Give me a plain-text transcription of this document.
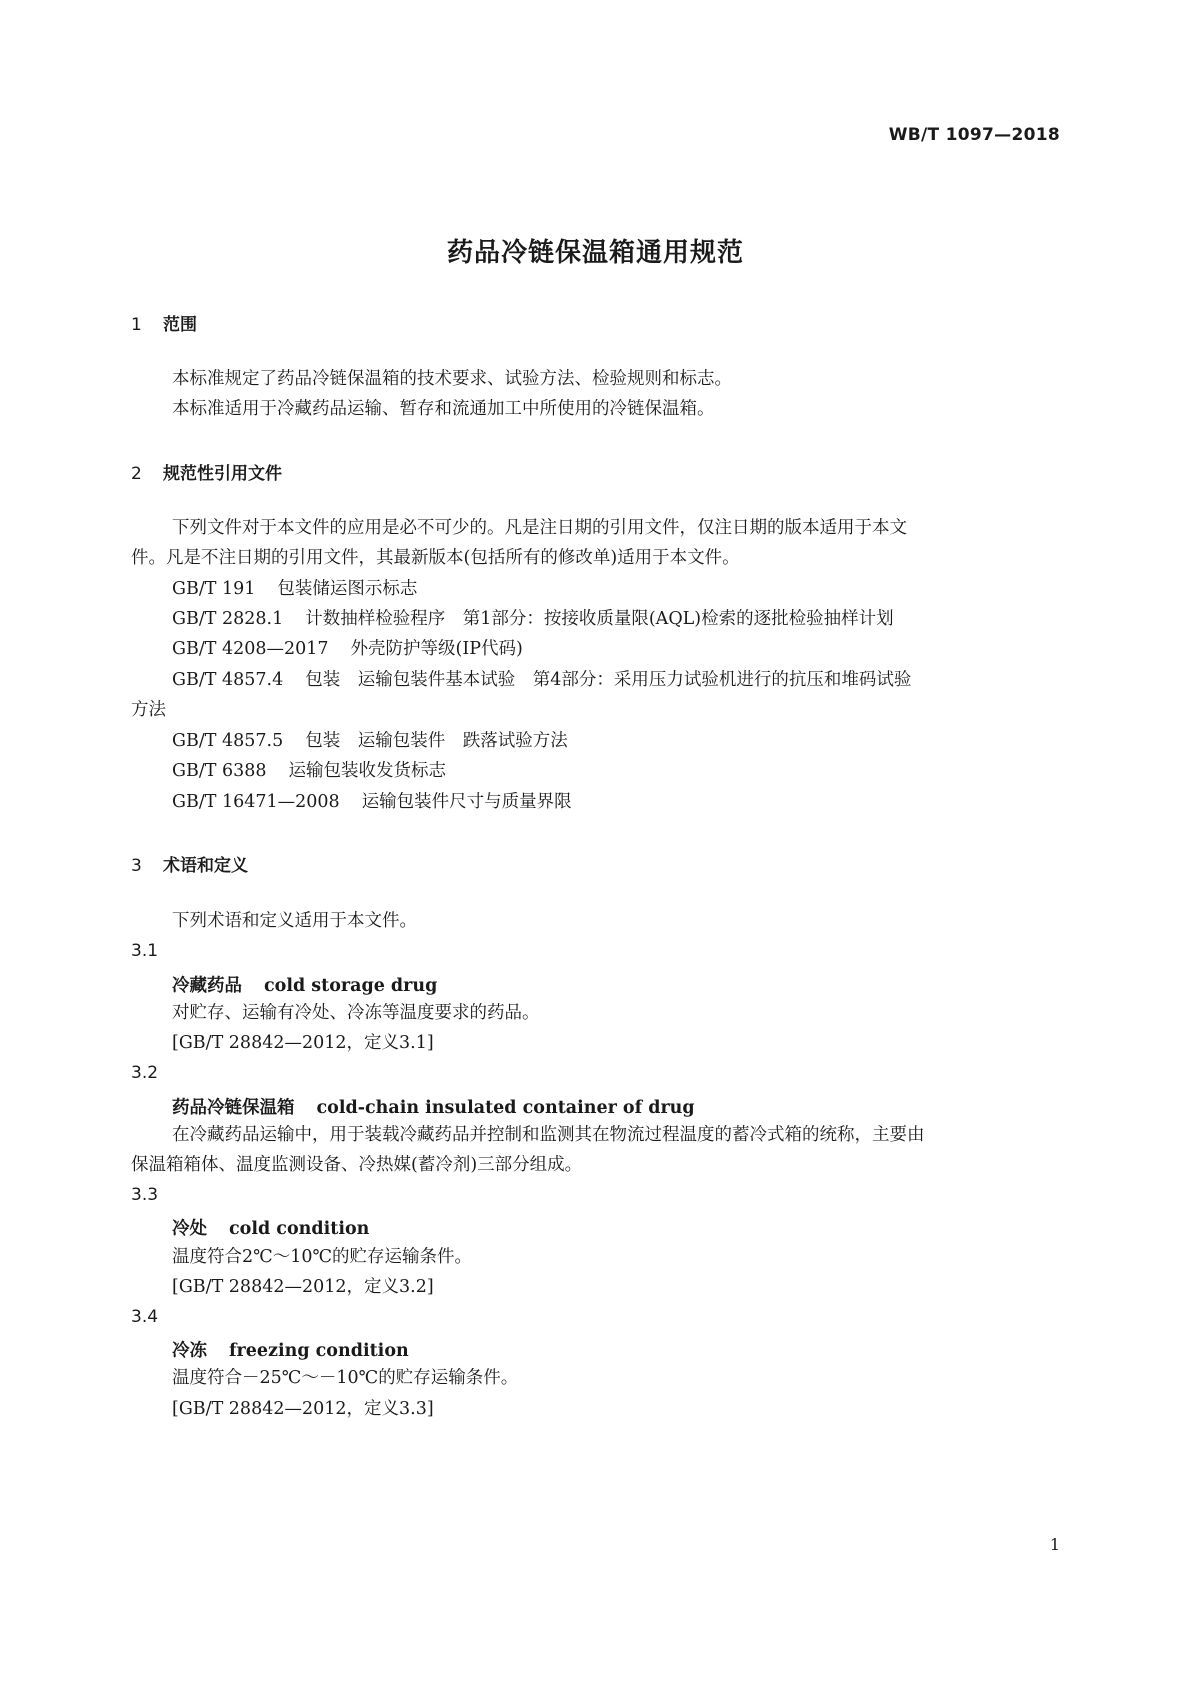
WB/T 1097—2018
药品冷链保温箱通用规范
1 范围
本标准规定了药品冷链保温箱的技术要求、试验方法、检验规则和标志。
本标准适用于冷藏药品运输、暂存和流通加工中所使用的冷链保温箱。
2 规范性引用文件
下列文件对于本文件的应用是必不可少的。凡是注日期的引用文件，仅注日期的版本适用于本文
件。凡是不注日期的引用文件，其最新版本(包括所有的修改单)适用于本文件。
GB/T 191 包装储运图示标志
GB/T 2828.1 计数抽样检验程序　第1部分：按接收质量限(AQL)检索的逐批检验抽样计划
GB/T 4208—2017 外壳防护等级(IP代码)
GB/T 4857.4 包装　运输包装件基本试验　第4部分：采用压力试验机进行的抗压和堆码试验
方法
GB/T 4857.5 包装　运输包装件　跌落试验方法
GB/T 6388 运输包装收发货标志
GB/T 16471—2008 运输包装件尺寸与质量界限
3 术语和定义
下列术语和定义适用于本文件。
3.1
冷藏药品 cold storage drug
对贮存、运输有冷处、冷冻等温度要求的药品。
[GB/T 28842—2012，定义3.1]
3.2
药品冷链保温箱 cold-chain insulated container of drug
在冷藏药品运输中，用于装载冷藏药品并控制和监测其在物流过程温度的蓄冷式箱的统称，主要由
保温箱箱体、温度监测设备、冷热媒(蓄冷剂)三部分组成。
3.3
冷处 cold condition
温度符合2℃～10℃的贮存运输条件。
[GB/T 28842—2012，定义3.2]
3.4
冷冻 freezing condition
温度符合－25℃～－10℃的贮存运输条件。
[GB/T 28842—2012，定义3.3]
1
